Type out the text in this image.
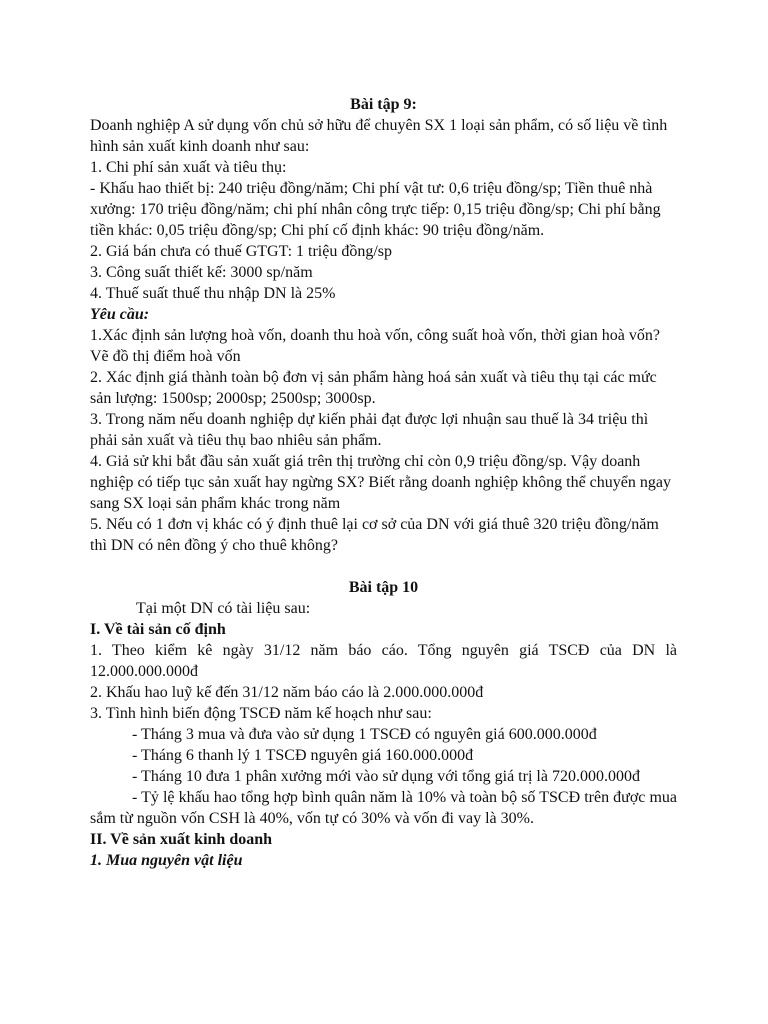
Bài tập 9:

Doanh nghiệp A sử dụng vốn chủ sở hữu để chuyên SX 1 loại sản phẩm, có số liệu về tình hình sản xuất kinh doanh như sau:

1. Chi phí sản xuất và tiêu thụ:

- Khấu hao thiết bị: 240 triệu đồng/năm; Chi phí vật tư: 0,6 triệu đồng/sp; Tiền thuê nhà xưởng: 170 triệu đồng/năm; chi phí nhân công trực tiếp: 0,15 triệu đồng/sp; Chi phí bằng tiền khác: 0,05 triệu đồng/sp; Chi phí cố định khác: 90 triệu đồng/năm.

2. Giá bán chưa có thuế GTGT: 1 triệu đồng/sp

3. Công suất thiết kế: 3000 sp/năm

4. Thuế suất thuế thu nhập DN là 25%

Yêu cầu:

1.Xác định sản lượng hoà vốn, doanh thu hoà vốn, công suất hoà vốn, thời gian hoà vốn? Vẽ đồ thị điểm hoà vốn

2. Xác định giá thành toàn bộ đơn vị sản phẩm hàng hoá sản xuất và tiêu thụ tại các mức sản lượng: 1500sp; 2000sp; 2500sp; 3000sp.

3. Trong năm nếu doanh nghiệp dự kiến phải đạt được lợi nhuận sau thuế là 34 triệu thì phải sản xuất và tiêu thụ bao nhiêu sản phẩm.

4. Giả sử khi bắt đầu sản xuất giá trên thị trường chỉ còn 0,9 triệu đồng/sp. Vậy doanh nghiệp có tiếp tục sản xuất hay ngừng SX? Biết rằng doanh nghiệp không thể chuyển ngay sang SX loại sản phẩm khác trong năm

5. Nếu có 1 đơn vị khác có ý định thuê lại cơ sở của DN với giá thuê 320 triệu đồng/năm thì DN có nên đồng ý cho thuê không?

Bài tập 10

Tại một DN có tài liệu sau:

I. Về tài sản cố định

1. Theo kiểm kê ngày 31/12 năm báo cáo. Tổng nguyên giá TSCĐ của DN là 12.000.000.000đ

2. Khấu hao luỹ kế đến 31/12 năm báo cáo là 2.000.000.000đ

3. Tình hình biến động TSCĐ năm kế hoạch như sau:

- Tháng 3 mua và đưa vào sử dụng 1 TSCĐ có nguyên giá 600.000.000đ

- Tháng 6 thanh lý 1 TSCĐ nguyên giá 160.000.000đ

- Tháng 10 đưa 1 phân xưởng mới vào sử dụng với tổng giá trị là 720.000.000đ

- Tỷ lệ khấu hao tổng hợp bình quân năm là 10% và toàn bộ số TSCĐ trên được mua sắm từ nguồn vốn CSH là 40%, vốn tự có 30% và vốn đi vay là 30%.

II. Về sản xuất kinh doanh

1. Mua nguyên vật liệu
